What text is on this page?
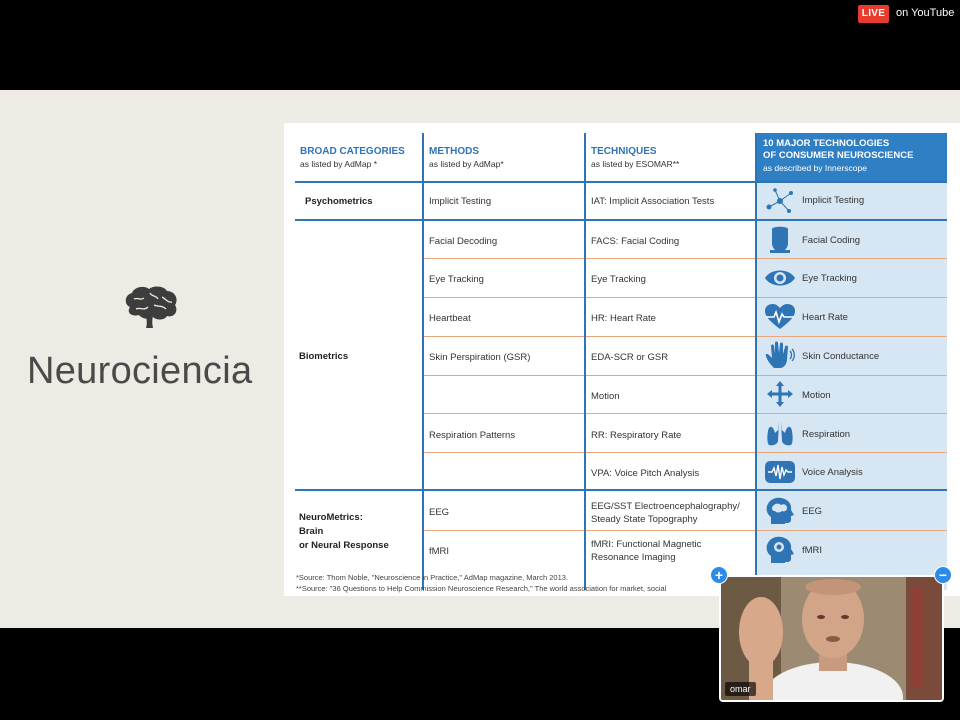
LIVE on YouTube
Neurociencia
BROAD CATEGORIES
as listed by AdMap *
METHODS
as listed by AdMap*
TECHNIQUES
as listed by ESOMAR**
10 MAJOR TECHNOLOGIES
OF CONSUMER NEUROSCIENCE
as described by Innerscope
Psychometrics
Biometrics
NeuroMetrics:
Brain
or Neural Response
Implicit Testing
Facial Decoding
Eye Tracking
Heartbeat
Skin Perspiration (GSR)
Respiration Patterns
EEG
fMRI
IAT: Implicit Association Tests
FACS: Facial Coding
Eye Tracking
HR: Heart Rate
EDA-SCR or GSR
Motion
RR: Respiratory Rate
VPA: Voice Pitch Analysis
EEG/SST Electroencephalography/
Steady State Topography
fMRI: Functional Magnetic
Resonance Imaging
Implicit Testing
Facial Coding
Eye Tracking
Heart Rate
Skin Conductance
Motion
Respiration
Voice Analysis
EEG
fMRI
*Source: Thom Noble, "Neuroscience in Practice," AdMap magazine, March 2013.
**Source: "36 Questions to Help Commission Neuroscience Research," The world association for market, social
omar
+	−
